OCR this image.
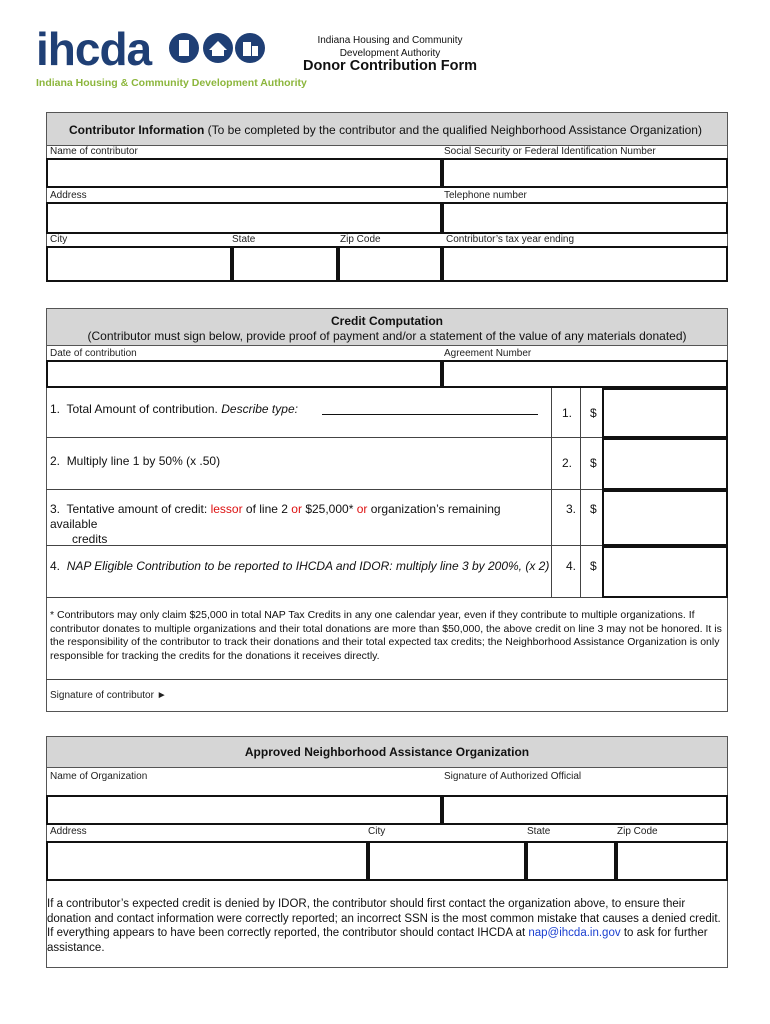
ihcda
Indiana Housing & Community Development Authority
Indiana Housing and Community
Development Authority
Donor Contribution Form
Contributor Information (To be completed by the contributor and the qualified Neighborhood Assistance Organization)
Name of contributor	Social Security or Federal Identification Number
Address	Telephone number
City	State	Zip Code	Contributor’s tax year ending
Credit Computation
(Contributor must sign below, provide proof of payment and/or a statement of the value of any materials donated)
Date of contribution	Agreement Number
1. Total Amount of contribution. Describe type:	1. $
2. Multiply line 1 by 50% (x .50)	2. $
3. Tentative amount of credit: lessor of line 2 or $25,000* or organization’s remaining available
credits
3. $
4. NAP Eligible Contribution to be reported to IHCDA and IDOR: multiply line 3 by 200%, (x 2) 4. $
* Contributors may only claim $25,000 in total NAP Tax Credits in any one calendar year, even if they contribute to multiple organizations. If contributor donates to multiple organizations and their total donations are more than $50,000, the above credit on line 3 may not be honored. It is the responsibility of the contributor to track their donations and their total expected tax credits; the Neighborhood Assistance Organization is only responsible for tracking the credits for the donations it receives directly.
Signature of contributor ►
Approved Neighborhood Assistance Organization
Name of Organization	Signature of Authorized Official
Address	City	State	Zip Code
If a contributor’s expected credit is denied by IDOR, the contributor should first contact the organization above, to ensure their donation and contact information were correctly reported; an incorrect SSN is the most common mistake that causes a denied credit. If everything appears to have been correctly reported, the contributor should contact IHCDA at nap@ihcda.in.gov to ask for further assistance.
